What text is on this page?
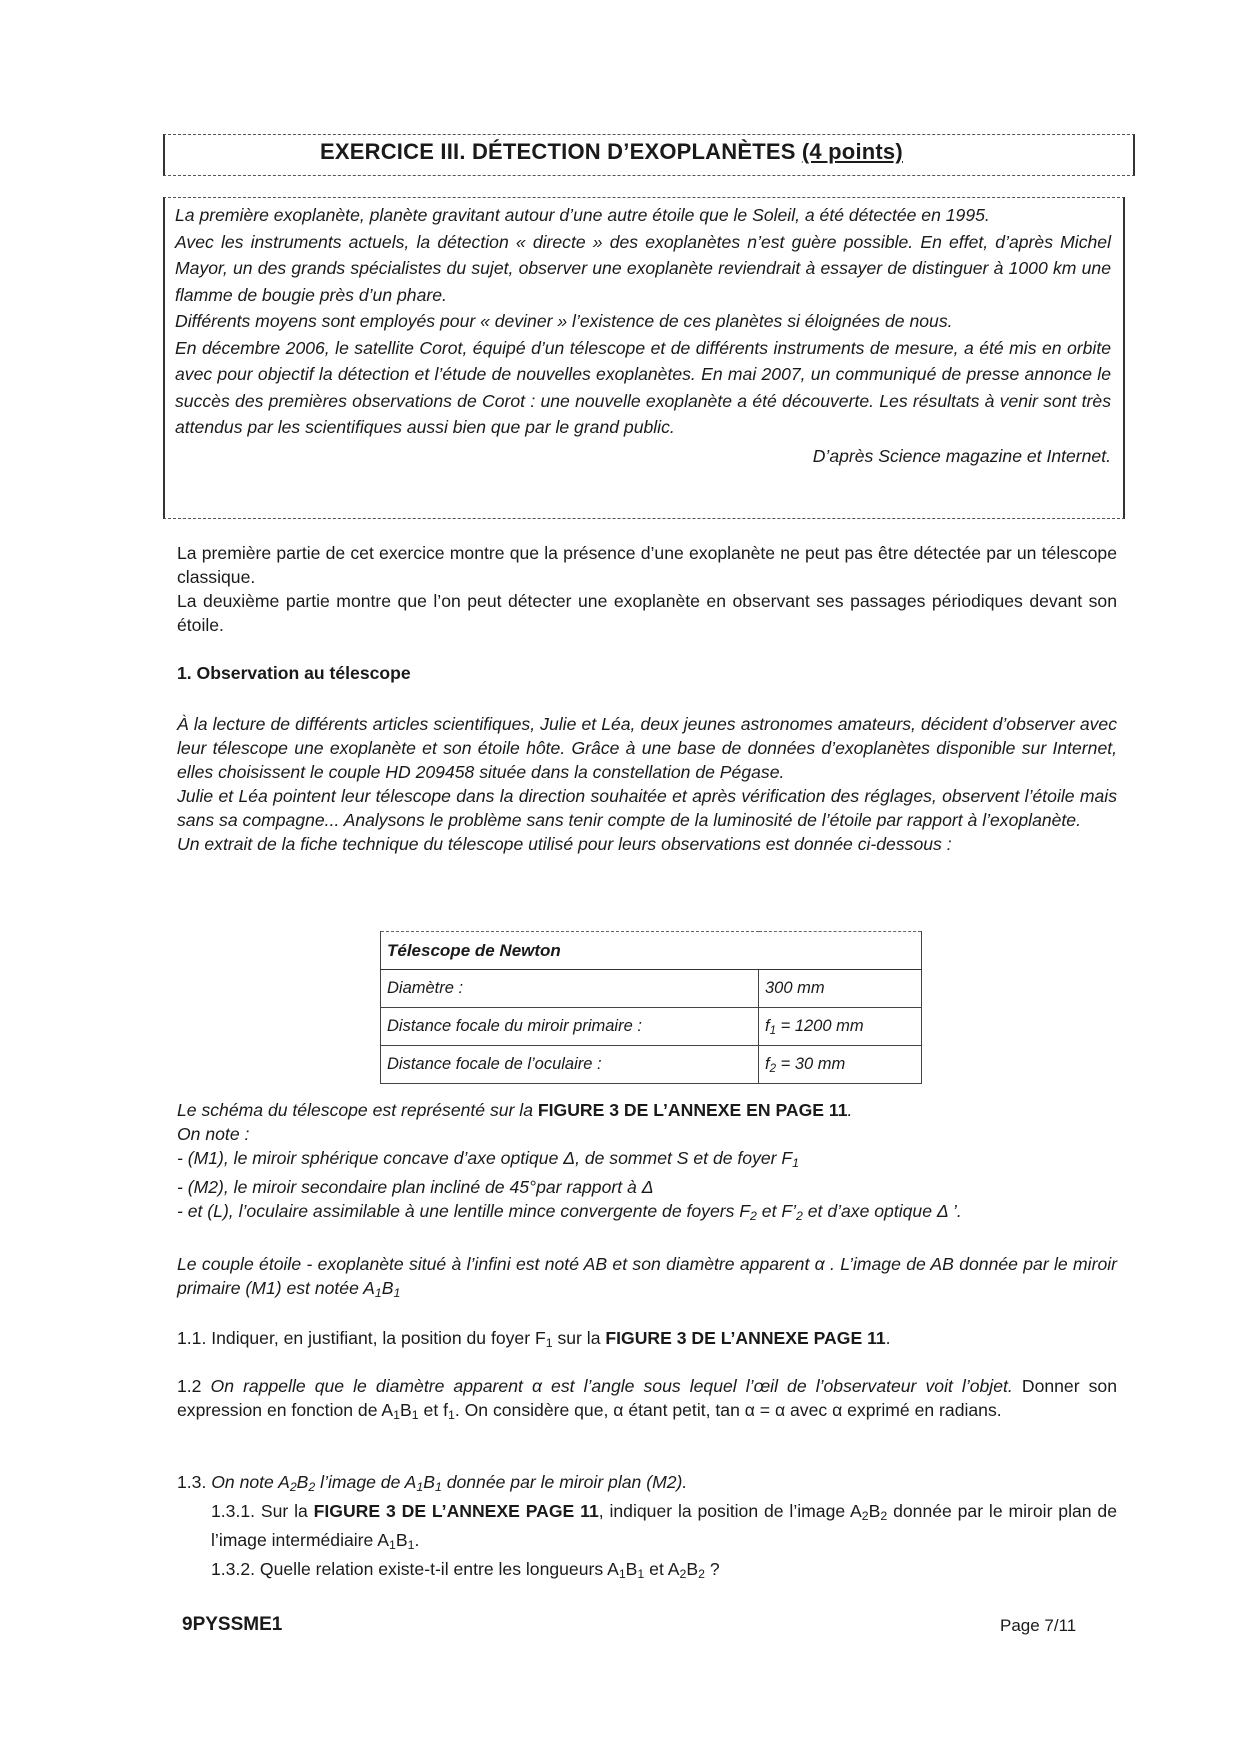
EXERCICE III. DÉTECTION D’EXOPLANÈTES (4 points)

La première exoplanète, planète gravitant autour d’une autre étoile que le Soleil, a été détectée en 1995.

Avec les instruments actuels, la détection « directe » des exoplanètes n’est guère possible. En effet, d’après Michel Mayor, un des grands spécialistes du sujet, observer une exoplanète reviendrait à essayer de distinguer à 1000 km une flamme de bougie près d’un phare.

Différents moyens sont employés pour « deviner » l’existence de ces planètes si éloignées de nous.

En décembre 2006, le satellite Corot, équipé d’un télescope et de différents instruments de mesure, a été mis en orbite avec pour objectif la détection et l’étude de nouvelles exoplanètes. En mai 2007, un communiqué de presse annonce le succès des premières observations de Corot : une nouvelle exoplanète a été découverte. Les résultats à venir sont très attendus par les scientifiques aussi bien que par le grand public.

D’après Science magazine et Internet.

La première partie de cet exercice montre que la présence d’une exoplanète ne peut pas être détectée par un télescope classique.

La deuxième partie montre que l’on peut détecter une exoplanète en observant ses passages périodiques devant son étoile.

1. Observation au télescope

À la lecture de différents articles scientifiques, Julie et Léa, deux jeunes astronomes amateurs, décident d’observer avec leur télescope une exoplanète et son étoile hôte. Grâce à une base de données d’exoplanètes disponible sur Internet, elles choisissent le couple HD 209458 située dans la constellation de Pégase.

Julie et Léa pointent leur télescope dans la direction souhaitée et après vérification des réglages, observent l’étoile mais sans sa compagne... Analysons le problème sans tenir compte de la luminosité de l’étoile par rapport à l’exoplanète.

Un extrait de la fiche technique du télescope utilisé pour leurs observations est donnée ci-dessous :

Télescope de Newton	
Diamètre :	300 mm
Distance focale du miroir primaire :	$f_1 = 1200$ mm
Distance focale de l’oculaire :	$f_2 = 30$ mm

Le schéma du télescope est représenté sur la FIGURE 3 DE L’ANNEXE EN PAGE 11.

On note :

- (M1), le miroir sphérique concave d’axe optique Δ, de sommet S et de foyer $F_1$

- (M2), le miroir secondaire plan incliné de 45°par rapport à Δ

- et (L), l’oculaire assimilable à une lentille mince convergente de foyers $F_2$ et $F’_2$ et d’axe optique Δ ’.

Le couple étoile - exoplanète situé à l’infini est noté AB et son diamètre apparent α . L’image de AB donnée par le miroir primaire (M1) est notée $A_1B_1$

1.1. Indiquer, en justifiant, la position du foyer $F_1$ sur la FIGURE 3 DE L’ANNEXE PAGE 11.

1.2 On rappelle que le diamètre apparent α est l’angle sous lequel l’œil de l’observateur voit l’objet. Donner son expression en fonction de $A_1B_1$ et $f_1$. On considère que, α étant petit, tan α = α avec α exprimé en radians.

1.3. On note $A_2B_2$ l’image de $A_1B_1$ donnée par le miroir plan (M2).

1.3.1. Sur la FIGURE 3 DE L’ANNEXE PAGE 11, indiquer la position de l’image $A_2B_2$ donnée par le miroir plan de l’image intermédiaire $A_1B_1$.

1.3.2. Quelle relation existe-t-il entre les longueurs $A_1B_1$ et $A_2B_2$ ?

9PYSSME1	Page 7/11
